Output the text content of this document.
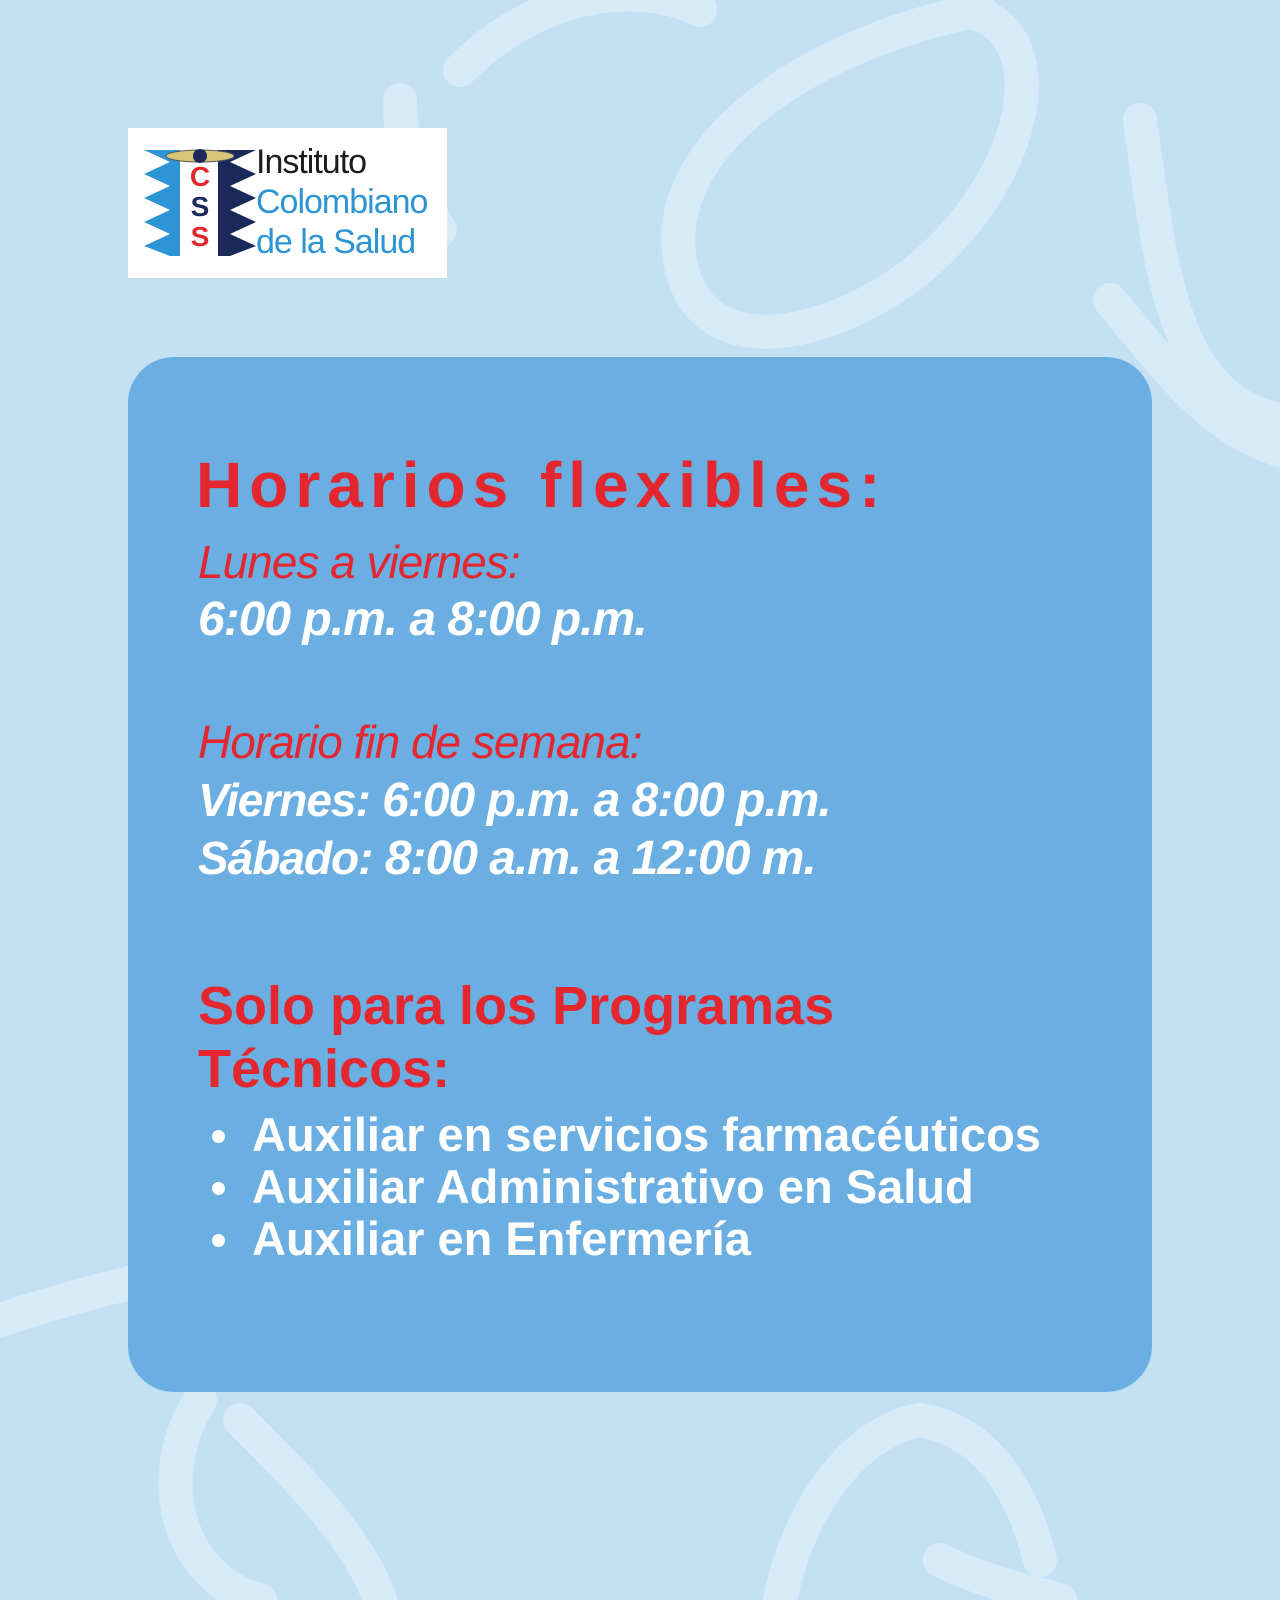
C
S
S
Instituto
Colombiano
de la Salud
Horarios flexibles:
Lunes a viernes:
6:00 p.m. a 8:00 p.m.
Horario fin de semana:
Viernes: 6:00 p.m. a 8:00 p.m.
Sábado: 8:00 a.m. a 12:00 m.
Solo para los Programas
Técnicos:
Auxiliar en servicios farmacéuticos
Auxiliar Administrativo en Salud
Auxiliar en Enfermería
